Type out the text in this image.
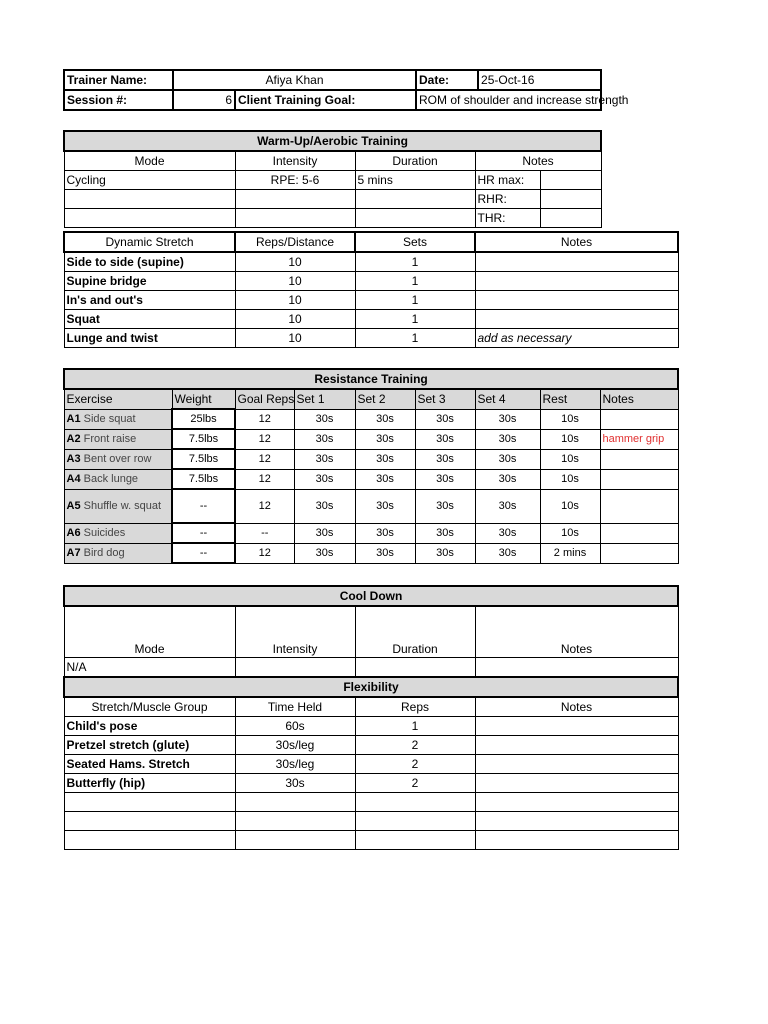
Trainer Name:	Afiya Khan		Date:	25-Oct-16
Session #:	6	Client Training Goal:	ROM of shoulder and increase strength	
Warm-Up/Aerobic Training				
Mode	Intensity	Duration	Notes	
Cycling	RPE: 5-6	5 mins	HR max:	
			RHR:	
			THR:	
Dynamic Stretch	Reps/Distance	Sets	Notes
Side to side (supine)	10	1	
Supine bridge	10	1	
In's and out's	10	1	
Squat	10	1	
Lunge and twist	10	1	add as necessary
Resistance Training								
Exercise	Weight	Goal Reps	Set 1	Set 2	Set 3	Set 4	Rest	Notes
A1 Side squat	25lbs	12	30s	30s	30s	30s	10s	
A2 Front raise	7.5lbs	12	30s	30s	30s	30s	10s	hammer grip
A3 Bent over row	7.5lbs	12	30s	30s	30s	30s	10s	
A4 Back lunge	7.5lbs	12	30s	30s	30s	30s	10s	
A5 Shuffle w. squat	--	12	30s	30s	30s	30s	10s	
A6 Suicides	--	--	30s	30s	30s	30s	10s	
A7 Bird dog	--	12	30s	30s	30s	30s	2 mins	
Cool Down			
Mode	Intensity	Duration	Notes
N/A			
Flexibility			
Stretch/Muscle Group	Time Held	Reps	Notes
Child's pose	60s	1	
Pretzel stretch (glute)	30s/leg	2	
Seated Hams. Stretch	30s/leg	2	
Butterfly (hip)	30s	2	
